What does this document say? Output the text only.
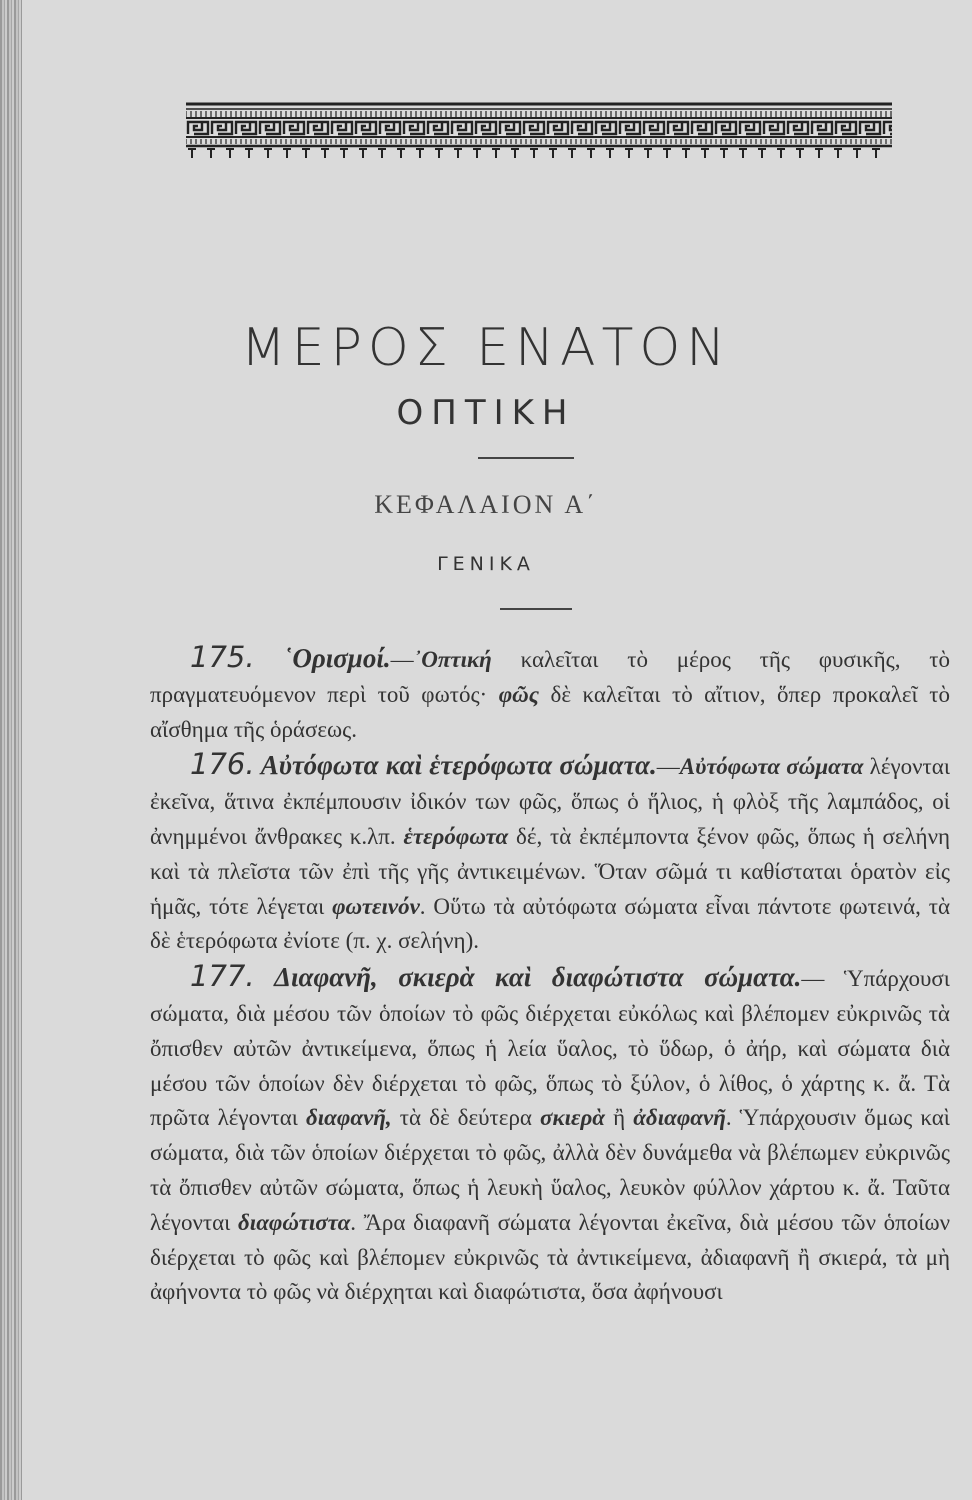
ΜΕΡΟΣ ΕΝΑΤΟΝ
ΟΠΤΙΚΗ
ΚΕΦΑΛΑΙΟΝ Α΄
ΓΕΝΙΚΑ

175. ῾Ορισμοί.—᾿Οπτική καλεῖται τὸ μέρος τῆς φυσικῆς, τὸ πραγματευόμενον περὶ τοῦ φωτός· φῶς δὲ καλεῖται τὸ αἴτιον, ὅπερ προκαλεῖ τὸ αἴσθημα τῆς ὁράσεως.

176. Αὐτόφωτα καὶ ἑτερόφωτα σώματα.—Αὐτόφωτα σώματα λέγονται ἐκεῖνα, ἅτινα ἐκπέμπουσιν ἰδικόν των φῶς, ὅπως ὁ ἥλιος, ἡ φλὸξ τῆς λαμπάδος, οἱ ἀνημμένοι ἄνθρακες κ.λπ. ἑτερόφωτα δέ, τὰ ἐκπέμποντα ξένον φῶς, ὅπως ἡ σελήνη καὶ τὰ πλεῖστα τῶν ἐπὶ τῆς γῆς ἀντικειμένων. Ὅταν σῶμά τι καθίσταται ὁρατὸν εἰς ἡμᾶς, τότε λέγεται φωτεινόν. Οὕτω τὰ αὐτόφωτα σώματα εἶναι πάντοτε φωτεινά, τὰ δὲ ἑτερόφωτα ἐνίοτε (π. χ. σελήνη).

177. Διαφανῆ, σκιερὰ καὶ διαφώτιστα σώματα.— Ὑπάρχουσι σώματα, διὰ μέσου τῶν ὁποίων τὸ φῶς διέρχεται εὐκόλως καὶ βλέπομεν εὐκρινῶς τὰ ὄπισθεν αὐτῶν ἀντικείμενα, ὅπως ἡ λεία ὕαλος, τὸ ὕδωρ, ὁ ἀήρ, καὶ σώματα διὰ μέσου τῶν ὁποίων δὲν διέρχεται τὸ φῶς, ὅπως τὸ ξύλον, ὁ λίθος, ὁ χάρτης κ. ἄ. Τὰ πρῶτα λέγονται διαφανῆ, τὰ δὲ δεύτερα σκιερὰ ἢ ἀδιαφανῆ. Ὑπάρχουσιν ὅμως καὶ σώματα, διὰ τῶν ὁποίων διέρχεται τὸ φῶς, ἀλλὰ δὲν δυνάμεθα νὰ βλέπωμεν εὐκρινῶς τὰ ὄπισθεν αὐτῶν σώματα, ὅπως ἡ λευκὴ ὕαλος, λευκὸν φύλλον χάρτου κ. ἄ. Ταῦτα λέγονται διαφώτιστα. Ἄρα διαφανῆ σώματα λέγονται ἐκεῖνα, διὰ μέσου τῶν ὁποίων διέρχεται τὸ φῶς καὶ βλέπομεν εὐκρινῶς τὰ ἀντικείμενα, ἀδιαφανῆ ἢ σκιερά, τὰ μὴ ἀφήνοντα τὸ φῶς νὰ διέρχηται καὶ διαφώτιστα, ὅσα ἀφήνουσι
